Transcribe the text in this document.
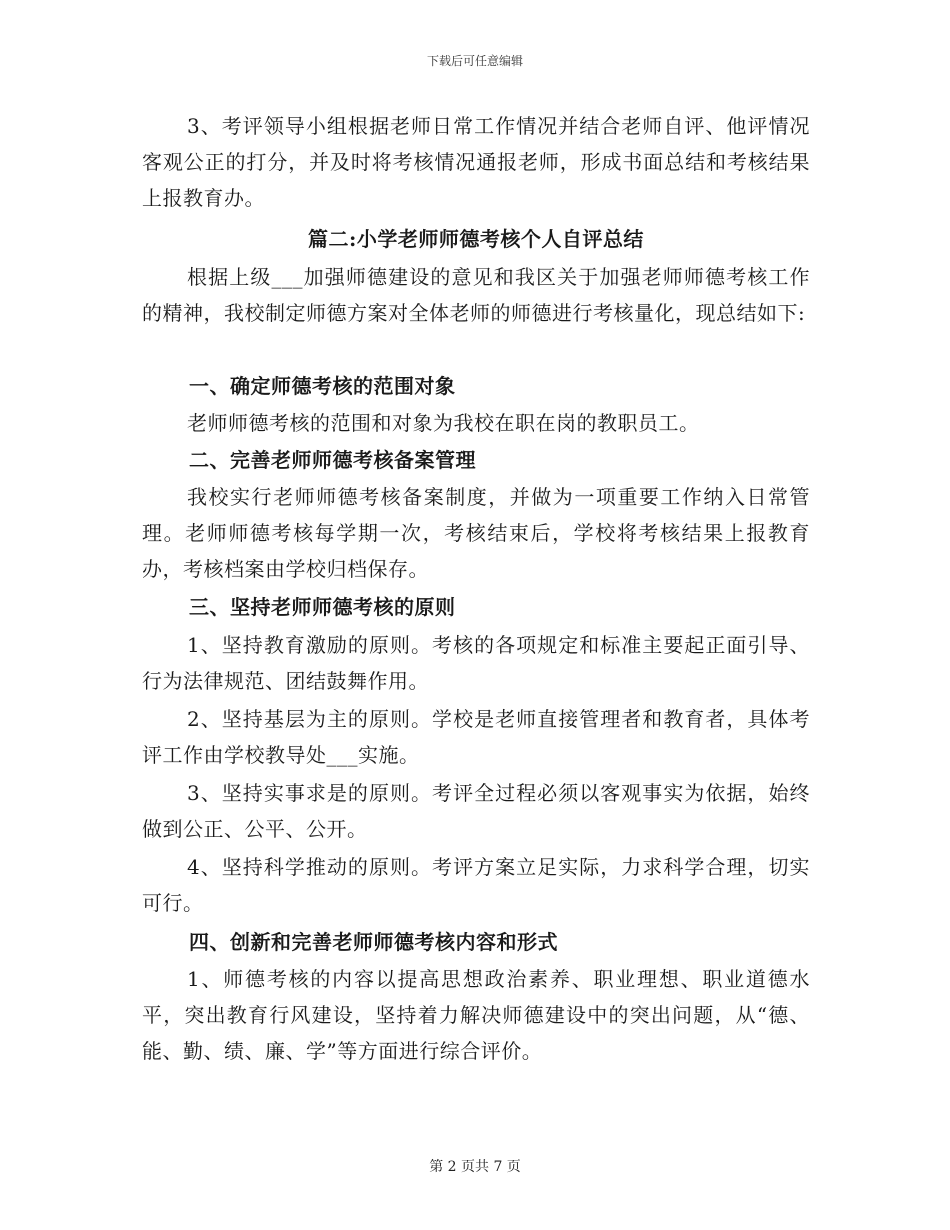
下载后可任意编辑

3、考评领导小组根据老师日常工作情况并结合老师自评、他评情况客观公正的打分，并及时将考核情况通报老师，形成书面总结和考核结果上报教育办。

篇二:小学老师师德考核个人自评总结

根据上级___加强师德建设的意见和我区关于加强老师师德考核工作的精神，我校制定师德方案对全体老师的师德进行考核量化，现总结如下:

一、确定师德考核的范围对象

老师师德考核的范围和对象为我校在职在岗的教职员工。

二、完善老师师德考核备案管理

我校实行老师师德考核备案制度，并做为一项重要工作纳入日常管理。老师师德考核每学期一次，考核结束后，学校将考核结果上报教育办，考核档案由学校归档保存。

三、坚持老师师德考核的原则

1、坚持教育激励的原则。考核的各项规定和标准主要起正面引导、行为法律规范、团结鼓舞作用。

2、坚持基层为主的原则。学校是老师直接管理者和教育者，具体考评工作由学校教导处___实施。

3、坚持实事求是的原则。考评全过程必须以客观事实为依据，始终做到公正、公平、公开。

4、坚持科学推动的原则。考评方案立足实际，力求科学合理，切实可行。

四、创新和完善老师师德考核内容和形式

1、师德考核的内容以提高思想政治素养、职业理想、职业道德水平，突出教育行风建设，坚持着力解决师德建设中的突出问题，从“德、能、勤、绩、廉、学”等方面进行综合评价。

第 2 页共 7 页
